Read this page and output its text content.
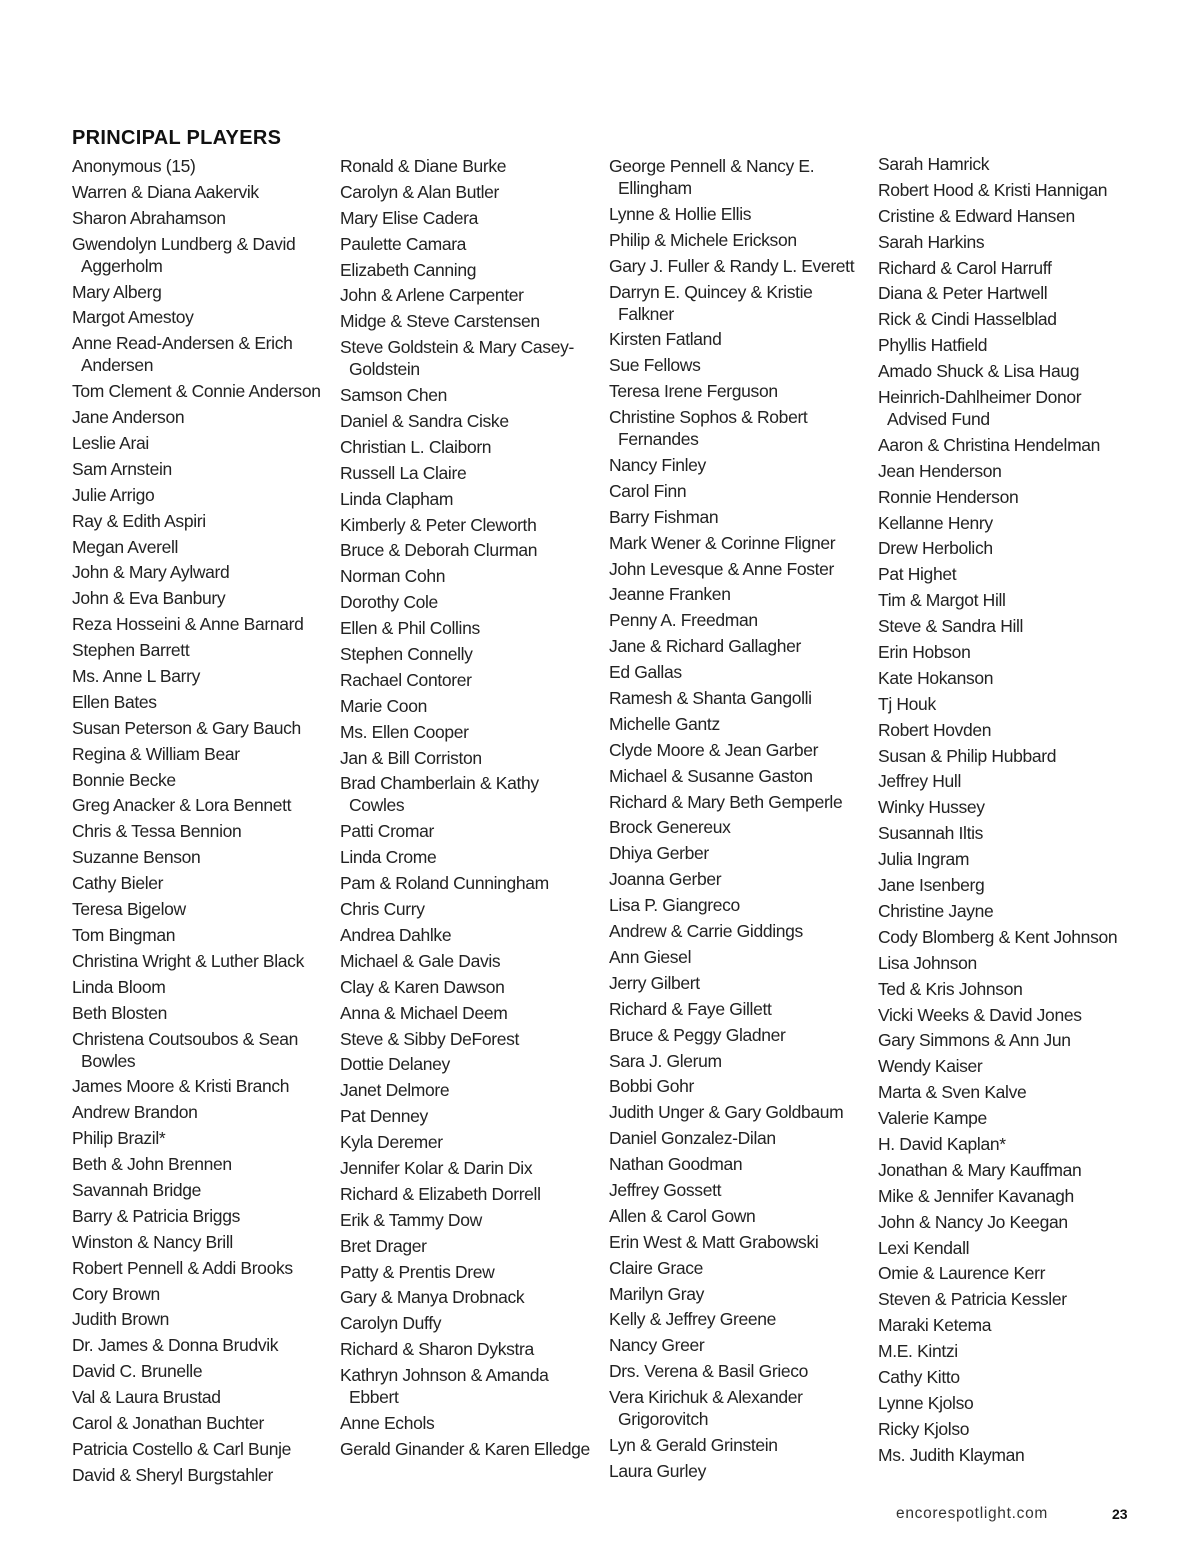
PRINCIPAL PLAYERS
Anonymous (15)
Warren & Diana Aakervik
Sharon Abrahamson
Gwendolyn Lundberg & David Aggerholm
Mary Alberg
Margot Amestoy
Anne Read-Andersen & Erich Andersen
Tom Clement & Connie Anderson
Jane Anderson
Leslie Arai
Sam Arnstein
Julie Arrigo
Ray & Edith Aspiri
Megan Averell
John & Mary Aylward
John & Eva Banbury
Reza Hosseini & Anne Barnard
Stephen Barrett
Ms. Anne L Barry
Ellen Bates
Susan Peterson & Gary Bauch
Regina & William Bear
Bonnie Becke
Greg Anacker & Lora Bennett
Chris & Tessa Bennion
Suzanne Benson
Cathy Bieler
Teresa Bigelow
Tom Bingman
Christina Wright & Luther Black
Linda Bloom
Beth Blosten
Christena Coutsoubos & Sean Bowles
James Moore & Kristi Branch
Andrew Brandon
Philip Brazil*
Beth & John Brennen
Savannah Bridge
Barry & Patricia Briggs
Winston & Nancy Brill
Robert Pennell & Addi Brooks
Cory Brown
Judith Brown
Dr. James & Donna Brudvik
David C. Brunelle
Val & Laura Brustad
Carol & Jonathan Buchter
Patricia Costello & Carl Bunje
David & Sheryl Burgstahler
Ronald & Diane Burke
Carolyn & Alan Butler
Mary Elise Cadera
Paulette Camara
Elizabeth Canning
John & Arlene Carpenter
Midge & Steve Carstensen
Steve Goldstein & Mary Casey-Goldstein
Samson Chen
Daniel & Sandra Ciske
Christian L. Claiborn
Russell La Claire
Linda Clapham
Kimberly & Peter Cleworth
Bruce & Deborah Clurman
Norman Cohn
Dorothy Cole
Ellen & Phil Collins
Stephen Connelly
Rachael Contorer
Marie Coon
Ms. Ellen Cooper
Jan & Bill Corriston
Brad Chamberlain & Kathy Cowles
Patti Cromar
Linda Crome
Pam & Roland Cunningham
Chris Curry
Andrea Dahlke
Michael & Gale Davis
Clay & Karen Dawson
Anna & Michael Deem
Steve & Sibby DeForest
Dottie Delaney
Janet Delmore
Pat Denney
Kyla Deremer
Jennifer Kolar & Darin Dix
Richard & Elizabeth Dorrell
Erik & Tammy Dow
Bret Drager
Patty & Prentis Drew
Gary & Manya Drobnack
Carolyn Duffy
Richard & Sharon Dykstra
Kathryn Johnson & Amanda Ebbert
Anne Echols
Gerald Ginander & Karen Elledge
George Pennell & Nancy E. Ellingham
Lynne & Hollie Ellis
Philip & Michele Erickson
Gary J. Fuller & Randy L. Everett
Darryn E. Quincey & Kristie Falkner
Kirsten Fatland
Sue Fellows
Teresa Irene Ferguson
Christine Sophos & Robert Fernandes
Nancy Finley
Carol Finn
Barry Fishman
Mark Wener & Corinne Fligner
John Levesque & Anne Foster
Jeanne Franken
Penny A. Freedman
Jane & Richard Gallagher
Ed Gallas
Ramesh & Shanta Gangolli
Michelle Gantz
Clyde Moore & Jean Garber
Michael & Susanne Gaston
Richard & Mary Beth Gemperle
Brock Genereux
Dhiya Gerber
Joanna Gerber
Lisa P. Giangreco
Andrew & Carrie Giddings
Ann Giesel
Jerry Gilbert
Richard & Faye Gillett
Bruce & Peggy Gladner
Sara J. Glerum
Bobbi Gohr
Judith Unger & Gary Goldbaum
Daniel Gonzalez-Dilan
Nathan Goodman
Jeffrey Gossett
Allen & Carol Gown
Erin West & Matt Grabowski
Claire Grace
Marilyn Gray
Kelly & Jeffrey Greene
Nancy Greer
Drs. Verena & Basil Grieco
Vera Kirichuk & Alexander Grigorovitch
Lyn & Gerald Grinstein
Laura Gurley
Sarah Hamrick
Robert Hood & Kristi Hannigan
Cristine & Edward Hansen
Sarah Harkins
Richard & Carol Harruff
Diana & Peter Hartwell
Rick & Cindi Hasselblad
Phyllis Hatfield
Amado Shuck & Lisa Haug
Heinrich-Dahlheimer Donor Advised Fund
Aaron & Christina Hendelman
Jean Henderson
Ronnie Henderson
Kellanne Henry
Drew Herbolich
Pat Highet
Tim & Margot Hill
Steve & Sandra Hill
Erin Hobson
Kate Hokanson
Tj Houk
Robert Hovden
Susan & Philip Hubbard
Jeffrey Hull
Winky Hussey
Susannah Iltis
Julia Ingram
Jane Isenberg
Christine Jayne
Cody Blomberg & Kent Johnson
Lisa Johnson
Ted & Kris Johnson
Vicki Weeks & David Jones
Gary Simmons & Ann Jun
Wendy Kaiser
Marta & Sven Kalve
Valerie Kampe
H. David Kaplan*
Jonathan & Mary Kauffman
Mike & Jennifer Kavanagh
John & Nancy Jo Keegan
Lexi Kendall
Omie & Laurence Kerr
Steven & Patricia Kessler
Maraki Ketema
M.E. Kintzi
Cathy Kitto
Lynne Kjolso
Ricky Kjolso
Ms. Judith Klayman
encorespotlight.com	23
